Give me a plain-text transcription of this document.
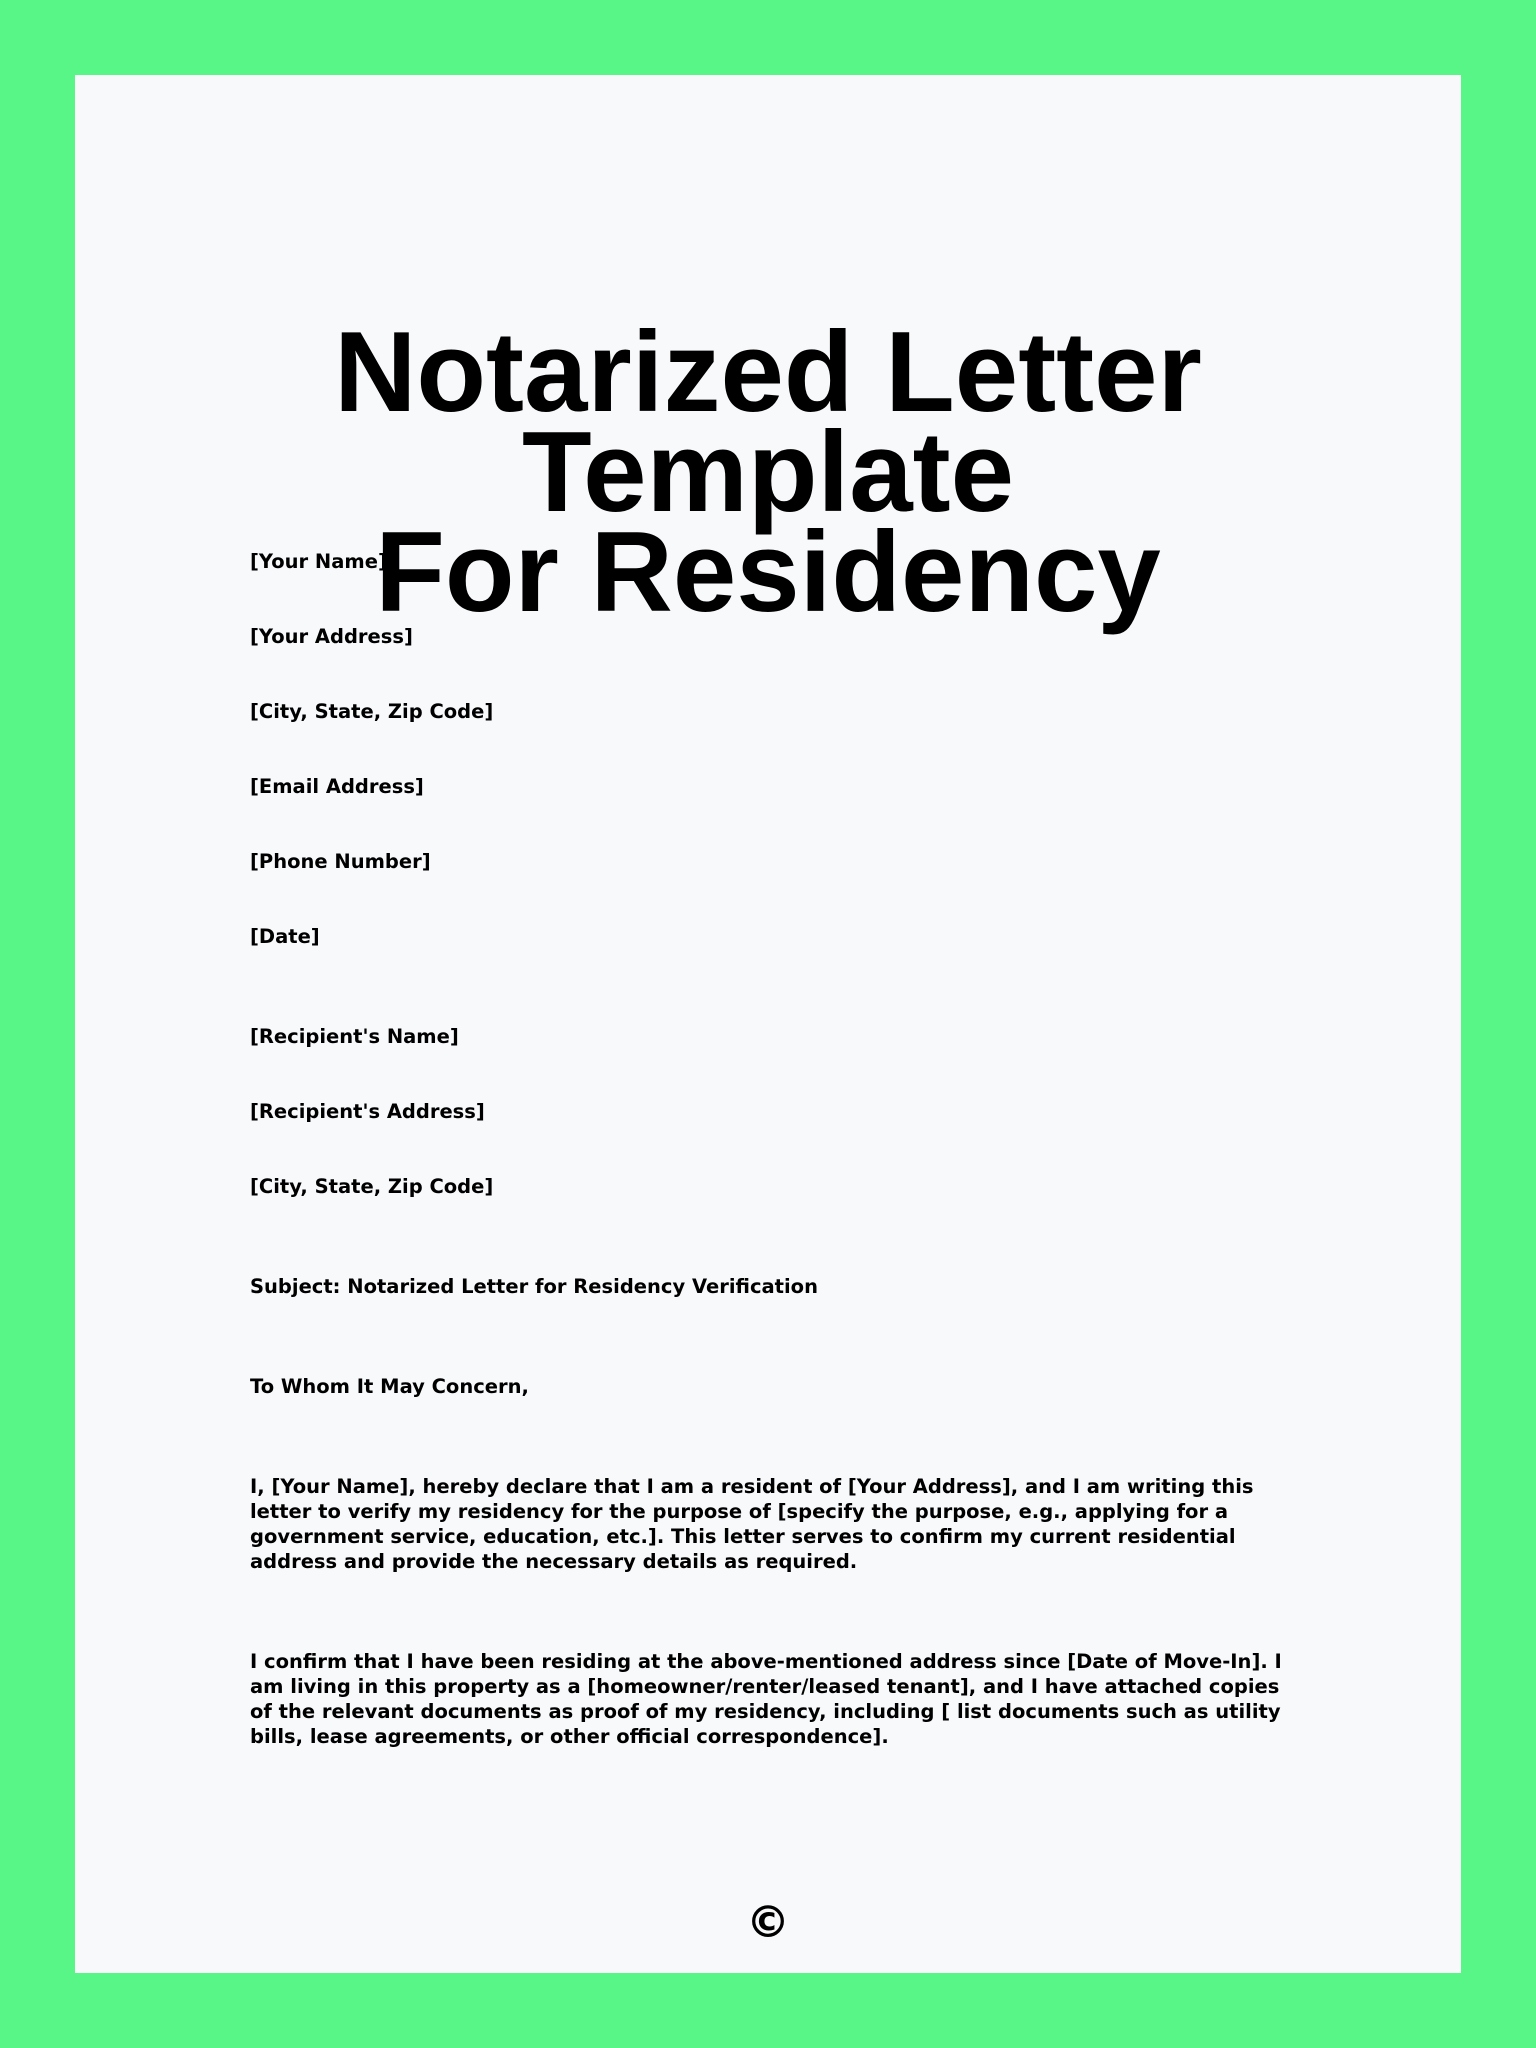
Notarized Letter Template
For Residency
[Your Name]
[Your Address]
[City, State, Zip Code]
[Email Address]
[Phone Number]
[Date]
[Recipient's Name]
[Recipient's Address]
[City, State, Zip Code]
Subject: Notarized Letter for Residency Verification
To Whom It May Concern,

I, [Your Name], hereby declare that I am a resident of [Your Address], and I am writing this letter to verify my residency for the purpose of [specify the purpose, e.g., applying for a government service, education, etc.]. This letter serves to confirm my current residential address and provide the necessary details as required.

I confirm that I have been residing at the above-mentioned address since [Date of Move-In]. I am living in this property as a [homeowner/renter/leased tenant], and I have attached copies of the relevant documents as proof of my residency, including [ list documents such as utility bills, lease agreements, or other official correspondence].

©
